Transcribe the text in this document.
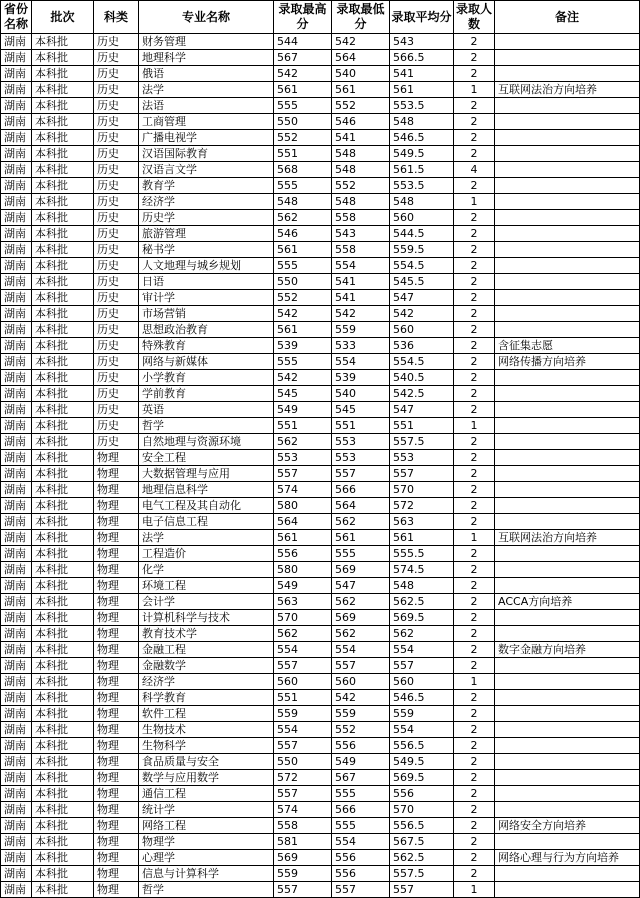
省份名称	批次	科类	专业名称	录取最高分	录取最低分	录取平均分	录取人数	备注
湖南	本科批	历史	财务管理	544	542	543	2	
湖南	本科批	历史	地理科学	567	564	566.5	2	
湖南	本科批	历史	俄语	542	540	541	2	
湖南	本科批	历史	法学	561	561	561	1	互联网法治方向培养
湖南	本科批	历史	法语	555	552	553.5	2	
湖南	本科批	历史	工商管理	550	546	548	2	
湖南	本科批	历史	广播电视学	552	541	546.5	2	
湖南	本科批	历史	汉语国际教育	551	548	549.5	2	
湖南	本科批	历史	汉语言文学	568	548	561.5	4	
湖南	本科批	历史	教育学	555	552	553.5	2	
湖南	本科批	历史	经济学	548	548	548	1	
湖南	本科批	历史	历史学	562	558	560	2	
湖南	本科批	历史	旅游管理	546	543	544.5	2	
湖南	本科批	历史	秘书学	561	558	559.5	2	
湖南	本科批	历史	人文地理与城乡规划	555	554	554.5	2	
湖南	本科批	历史	日语	550	541	545.5	2	
湖南	本科批	历史	审计学	552	541	547	2	
湖南	本科批	历史	市场营销	542	542	542	2	
湖南	本科批	历史	思想政治教育	561	559	560	2	
湖南	本科批	历史	特殊教育	539	533	536	2	含征集志愿
湖南	本科批	历史	网络与新媒体	555	554	554.5	2	网络传播方向培养
湖南	本科批	历史	小学教育	542	539	540.5	2	
湖南	本科批	历史	学前教育	545	540	542.5	2	
湖南	本科批	历史	英语	549	545	547	2	
湖南	本科批	历史	哲学	551	551	551	1	
湖南	本科批	历史	自然地理与资源环境	562	553	557.5	2	
湖南	本科批	物理	安全工程	553	553	553	2	
湖南	本科批	物理	大数据管理与应用	557	557	557	2	
湖南	本科批	物理	地理信息科学	574	566	570	2	
湖南	本科批	物理	电气工程及其自动化	580	564	572	2	
湖南	本科批	物理	电子信息工程	564	562	563	2	
湖南	本科批	物理	法学	561	561	561	1	互联网法治方向培养
湖南	本科批	物理	工程造价	556	555	555.5	2	
湖南	本科批	物理	化学	580	569	574.5	2	
湖南	本科批	物理	环境工程	549	547	548	2	
湖南	本科批	物理	会计学	563	562	562.5	2	ACCA方向培养
湖南	本科批	物理	计算机科学与技术	570	569	569.5	2	
湖南	本科批	物理	教育技术学	562	562	562	2	
湖南	本科批	物理	金融工程	554	554	554	2	数字金融方向培养
湖南	本科批	物理	金融数学	557	557	557	2	
湖南	本科批	物理	经济学	560	560	560	1	
湖南	本科批	物理	科学教育	551	542	546.5	2	
湖南	本科批	物理	软件工程	559	559	559	2	
湖南	本科批	物理	生物技术	554	552	554	2	
湖南	本科批	物理	生物科学	557	556	556.5	2	
湖南	本科批	物理	食品质量与安全	550	549	549.5	2	
湖南	本科批	物理	数学与应用数学	572	567	569.5	2	
湖南	本科批	物理	通信工程	557	555	556	2	
湖南	本科批	物理	统计学	574	566	570	2	
湖南	本科批	物理	网络工程	558	555	556.5	2	网络安全方向培养
湖南	本科批	物理	物理学	581	554	567.5	2	
湖南	本科批	物理	心理学	569	556	562.5	2	网络心理与行为方向培养
湖南	本科批	物理	信息与计算科学	559	556	557.5	2	
湖南	本科批	物理	哲学	557	557	557	1	
